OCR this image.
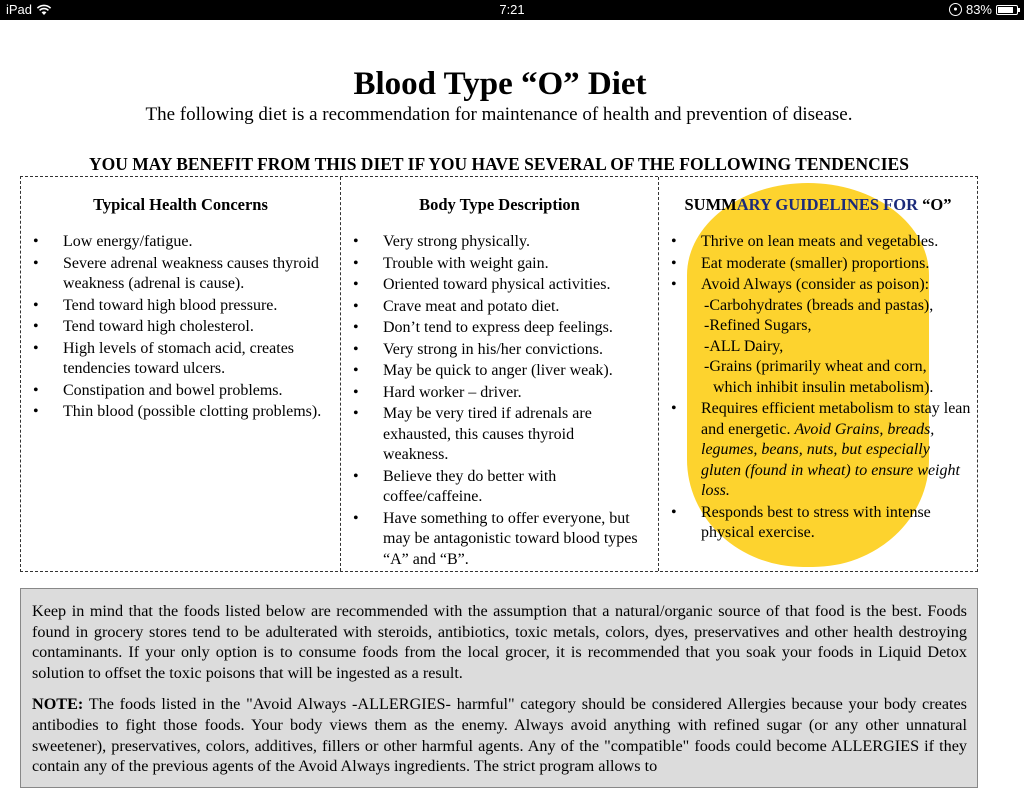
iPad	7:21	● 83%
Blood Type “O” Diet
The following diet is a recommendation for maintenance of health and prevention of disease.
YOU MAY BENEFIT FROM THIS DIET IF YOU HAVE SEVERAL OF THE FOLLOWING TENDENCIES
Typical Health Concerns
• Low energy/fatigue.
• Severe adrenal weakness causes thyroid weakness (adrenal is cause).
• Tend toward high blood pressure.
• Tend toward high cholesterol.
• High levels of stomach acid, creates tendencies toward ulcers.
• Constipation and bowel problems.
• Thin blood (possible clotting problems).
Body Type Description
• Very strong physically.
• Trouble with weight gain.
• Oriented toward physical activities.
• Crave meat and potato diet.
• Don’t tend to express deep feelings.
• Very strong in his/her convictions.
• May be quick to anger (liver weak).
• Hard worker – driver.
• May be very tired if adrenals are exhausted, this causes thyroid weakness.
• Believe they do better with coffee/caffeine.
• Have something to offer everyone, but may be antagonistic toward blood types “A” and “B”.
SUMMARY GUIDELINES FOR “O”
• Thrive on lean meats and vegetables.
• Eat moderate (smaller) proportions.
• Avoid Always (consider as poison):
-Carbohydrates (breads and pastas),
-Refined Sugars,
-ALL Dairy,
-Grains (primarily wheat and corn,
which inhibit insulin metabolism).
• Requires efficient metabolism to stay lean and energetic. Avoid Grains, breads, legumes, beans, nuts, but especially gluten (found in wheat) to ensure weight loss.
• Responds best to stress with intense physical exercise.

Keep in mind that the foods listed below are recommended with the assumption that a natural/organic source of that food is the best. Foods found in grocery stores tend to be adulterated with steroids, antibiotics, toxic metals, colors, dyes, preservatives and other health destroying contaminants. If your only option is to consume foods from the local grocer, it is recommended that you soak your foods in Liquid Detox solution to offset the toxic poisons that will be ingested as a result.

NOTE: The foods listed in the "Avoid Always -ALLERGIES- harmful" category should be considered Allergies because your body creates antibodies to fight those foods. Your body views them as the enemy. Always avoid anything with refined sugar (or any other unnatural sweetener), preservatives, colors, additives, fillers or other harmful agents. Any of the "compatible" foods could become ALLERGIES if they contain any of the previous agents of the Avoid Always ingredients. The strict program allows to
